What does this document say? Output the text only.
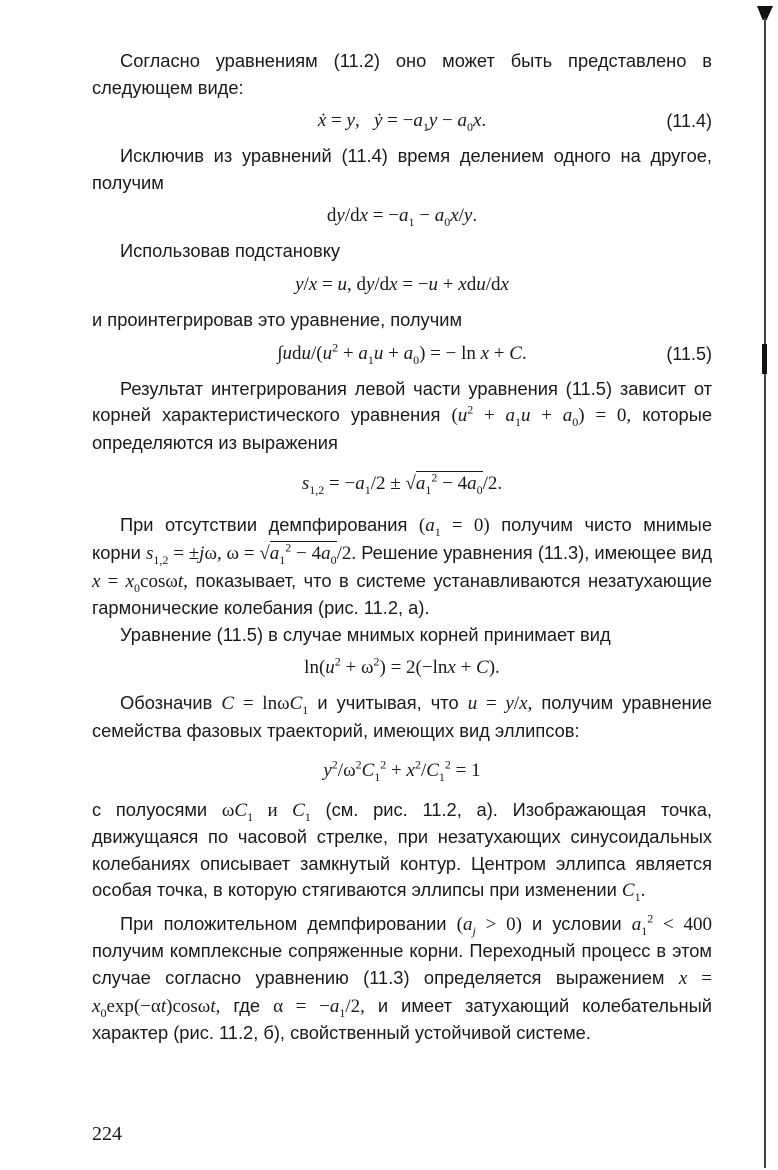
Согласно уравнениям (11.2) оно может быть представлено в следующем виде:

ẋ = y,   ẏ = $-a_1y - a_0x$.	(11.4)

Исключив из уравнений (11.4) время делением одного на другое, получим

$dy/dx = -a_1 - a_0x/y$.

Использовав подстановку

y/x = u, dy/dx = −u + xdu/dx

и проинтегрировав это уравнение, получим

$\int udu/(u^2 + a_1u + a_0)$ = − ln x + C.	(11.5)

Результат интегрирования левой части уравнения (11.5) зависит от корней характеристического уравнения $(u^2 + a_1u + a_0) = 0$, которые определяются из выражения

$s_{1,2} = -a_1/2 \pm √a_1^2 - 4a_0/2$.

При отсутствии демпфирования $(a_1 = 0)$ получим чисто мнимые корни $s_{1,2} = \pm j\omega$, $\omega = √a_1^2 - 4a_0/2$. Решение уравнения (11.3), имеющее вид $x = x_0\cos\omega t$, показывает, что в системе устанавливаются незатухающие гармонические колебания (рис. 11.2, а).

Уравнение (11.5) в случае мнимых корней принимает вид

$\ln(u^2 + \omega^2) = 2(-\ln x + C)$.

Обозначив C = lnωC$_1$ и учитывая, что u = y/x, получим уравнение семейства фазовых траекторий, имеющих вид эллипсов:

$y^2/\omega^2C_1^2 + x^2/C_1^2 = 1$

с полуосями $\omega C_1$ и $C_1$ (см. рис. 11.2, а). Изображающая точка, движущаяся по часовой стрелке, при незатухающих синусоидальных колебаниях описывает замкнутый контур. Центром эллипса является особая точка, в которую стягиваются эллипсы при изменении $C_1$.

При положительном демпфировании $(a_j > 0)$ и условии $a_1^2 < 400$ получим комплексные сопряженные корни. Переходный процесс в этом случае согласно уравнению (11.3) определяется выражением $x = x_0\exp(-\alpha t)\cos\omega t$, где $\alpha = -a_1/2$, и имеет затухающий колебательный характер (рис. 11.2, б), свойственный устойчивой системе.

224
